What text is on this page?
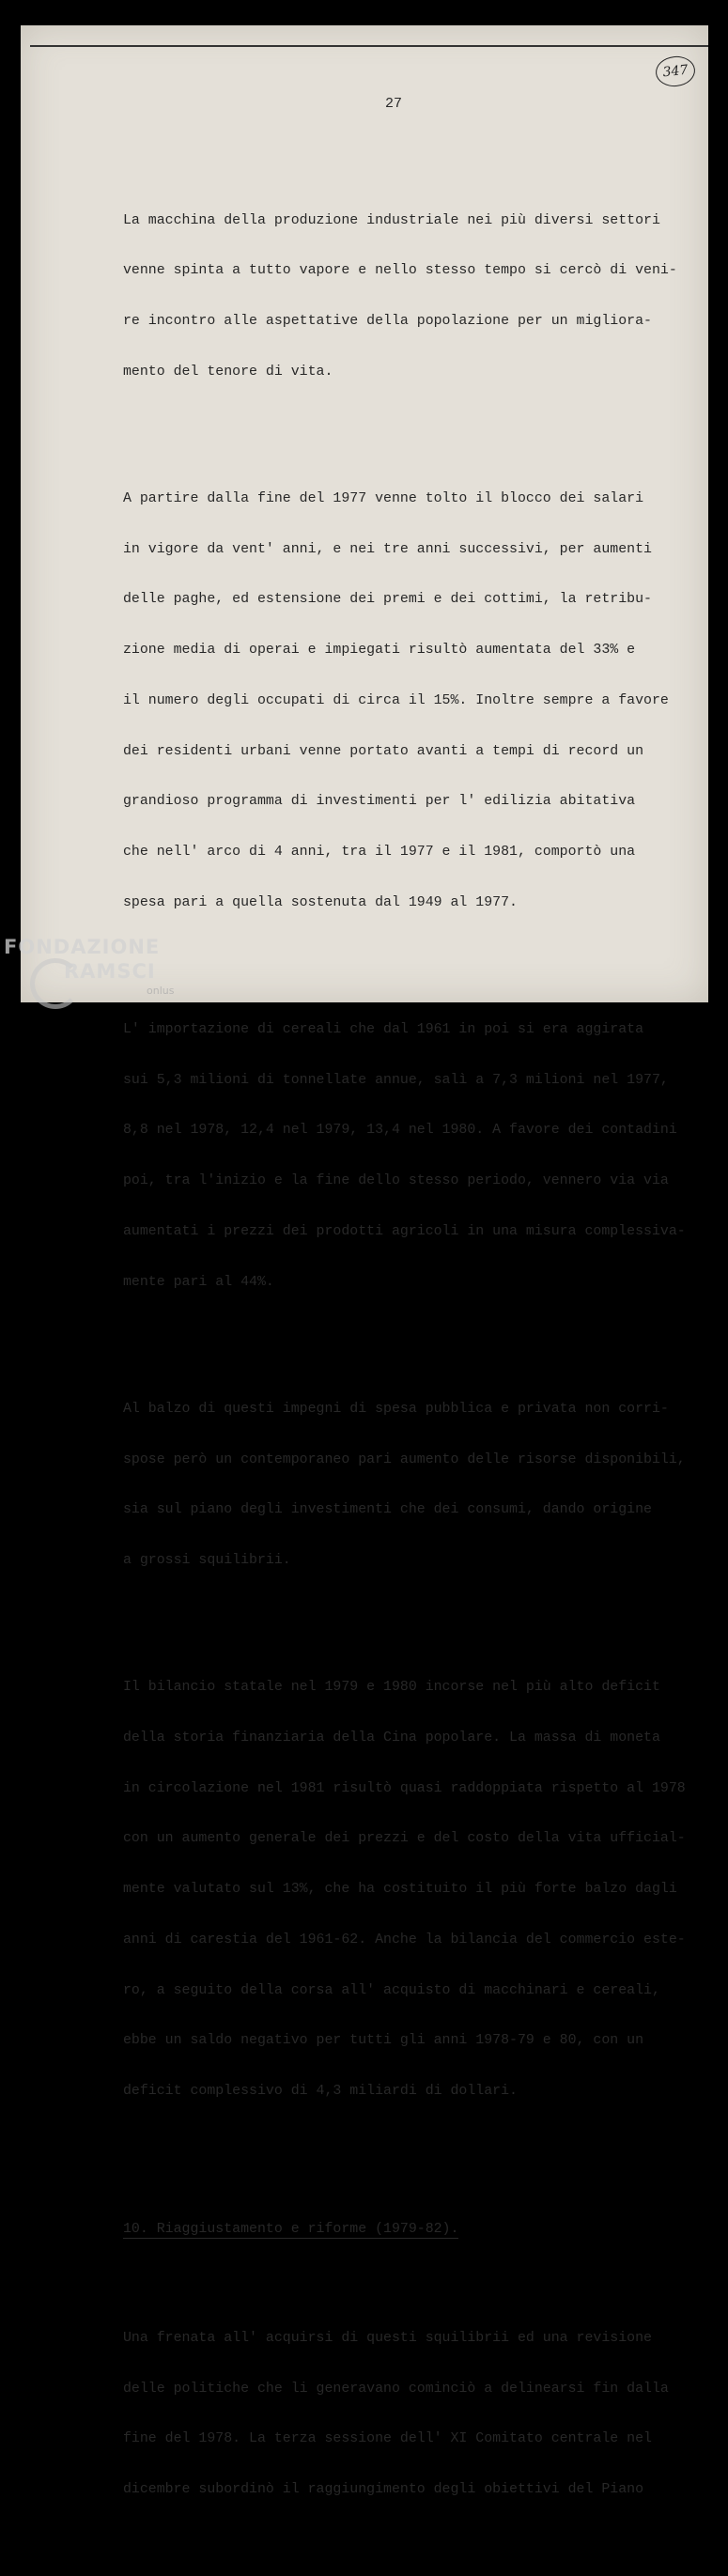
347
27

La macchina della produzione industriale nei più diversi settori

venne spinta a tutto vapore e nello stesso tempo si cercò di veni-

re incontro alle aspettative della popolazione per un migliora-

mento del tenore di vita.

A partire dalla fine del 1977 venne tolto il blocco dei salari

in vigore da vent' anni, e nei tre anni successivi, per aumenti

delle paghe, ed estensione dei premi e dei cottimi, la retribu-

zione media di operai e impiegati risultò aumentata del 33% e

il numero degli occupati di circa il 15%. Inoltre sempre a favore

dei residenti urbani venne portato avanti a tempi di record un

grandioso programma di investimenti per l' edilizia abitativa

che nell' arco di 4 anni, tra il 1977 e il 1981, comportò una

spesa pari a quella sostenuta dal 1949 al 1977.

L' importazione di cereali che dal 1961 in poi si era aggirata

sui 5,3 milioni di tonnellate annue, salì a 7,3 milioni nel 1977,

8,8 nel 1978, 12,4 nel 1979, 13,4 nel 1980. A favore dei contadini

poi, tra l'inizio e la fine dello stesso periodo, vennero via via

aumentati i prezzi dei prodotti agricoli in una misura complessiva-

mente pari al 44%.

Al balzo di questi impegni di spesa pubblica e privata non corri-

spose però un contemporaneo pari aumento delle risorse disponibili,

sia sul piano degli investimenti che dei consumi, dando origine

a grossi squilibrii.

Il bilancio statale nel 1979 e 1980 incorse nel più alto deficit

della storia finanziaria della Cina popolare. La massa di moneta

in circolazione nel 1981 risultò quasi raddoppiata rispetto al 1978

con un aumento generale dei prezzi e del costo della vita ufficial-

mente valutato sul 13%, che ha costituito il più forte balzo dagli

anni di carestia del 1961-62. Anche la bilancia del commercio este-

ro, a seguito della corsa all' acquisto di macchinari e cereali,

ebbe un saldo negativo per tutti gli anni 1978-79 e 80, con un

deficit complessivo di 4,3 miliardi di dollari.

10. Riaggiustamento e riforme (1979-82).

Una frenata all' acquirsi di questi squilibrii ed una revisione

delle politiche che li generavano cominciò a delinearsi fin dalla

fine del 1978. La terza sessione dell' XI Comitato centrale nel

dicembre subordinò il raggiungimento degli obiettivi del Piano

FONDAZIONE
RAMSCI
onlus
